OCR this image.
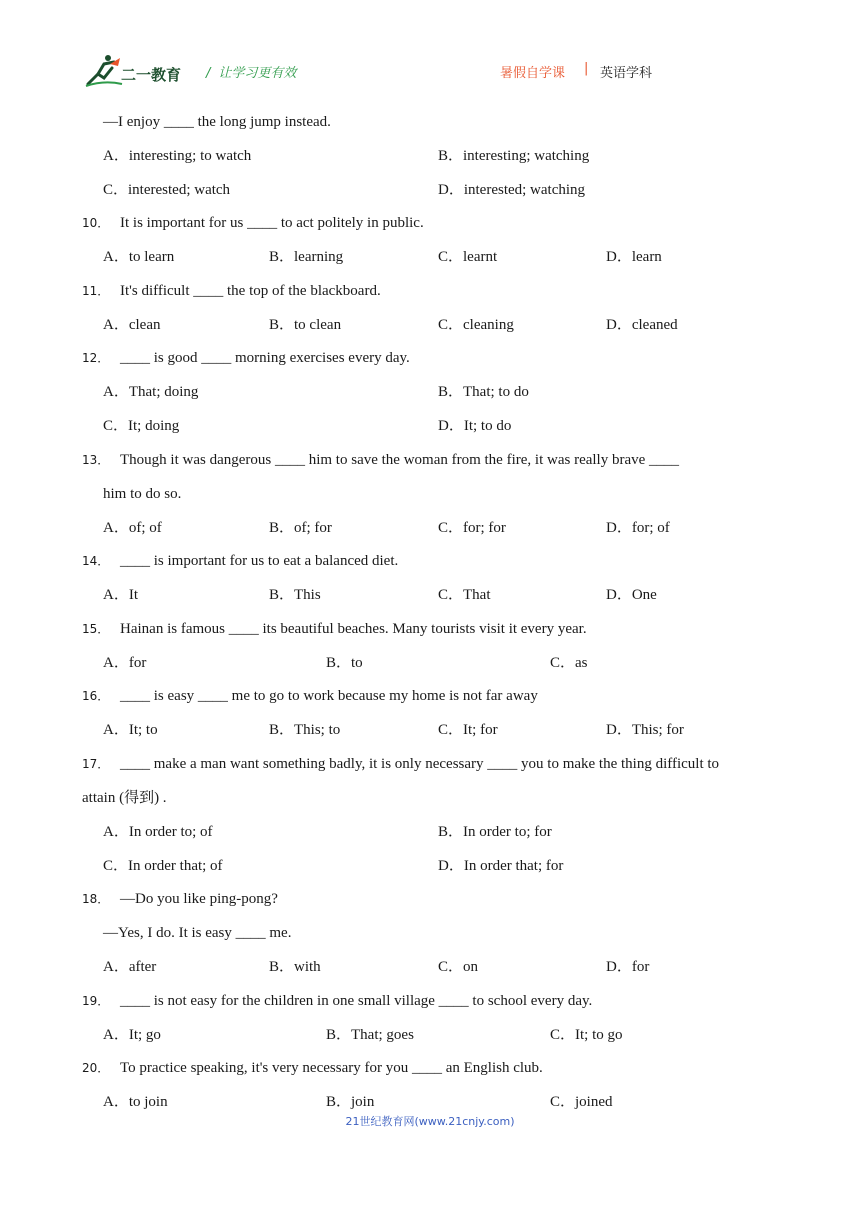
二一教育 / 让学习更有效	暑假自学课 | 英语学科
—I enjoy ____ the long jump instead.
A．interesting; to watch	B．interesting; watching
C．interested; watch	D．interested; watching
10． It is important for us ____ to act politely in public.
A．to learn	B．learning	C．learnt	D．learn
11． It's difficult ____ the top of the blackboard.
A．clean	B．to clean	C．cleaning	D．cleaned
12． ____ is good ____ morning exercises every day.
A．That; doing	B．That; to do
C．It; doing	D．It; to do
13． Though it was dangerous ____ him to save the woman from the fire, it was really brave ____
him to do so.
A．of; of	B．of; for	C．for; for	D．for; of
14． ____ is important for us to eat a balanced diet.
A．It	B．This	C．That	D．One
15． Hainan is famous ____ its beautiful beaches. Many tourists visit it every year.
A．for	B．to	C．as
16． ____ is easy ____ me to go to work because my home is not far away
A．It; to	B．This; to	C．It; for	D．This; for
17． ____ make a man want something badly, it is only necessary ____ you to make the thing difficult to
attain (得到) .
A．In order to; of	B．In order to; for
C．In order that; of	D．In order that; for
18． —Do you like ping-pong?
—Yes, I do. It is easy ____ me.
A．after	B．with	C．on	D．for
19． ____ is not easy for the children in one small village ____ to school every day.
A．It; go	B．That; goes	C．It; to go
20． To practice speaking, it's very necessary for you ____ an English club.
A．to join	B．join	C．joined
21世纪教育网(www.21cnjy.com)
